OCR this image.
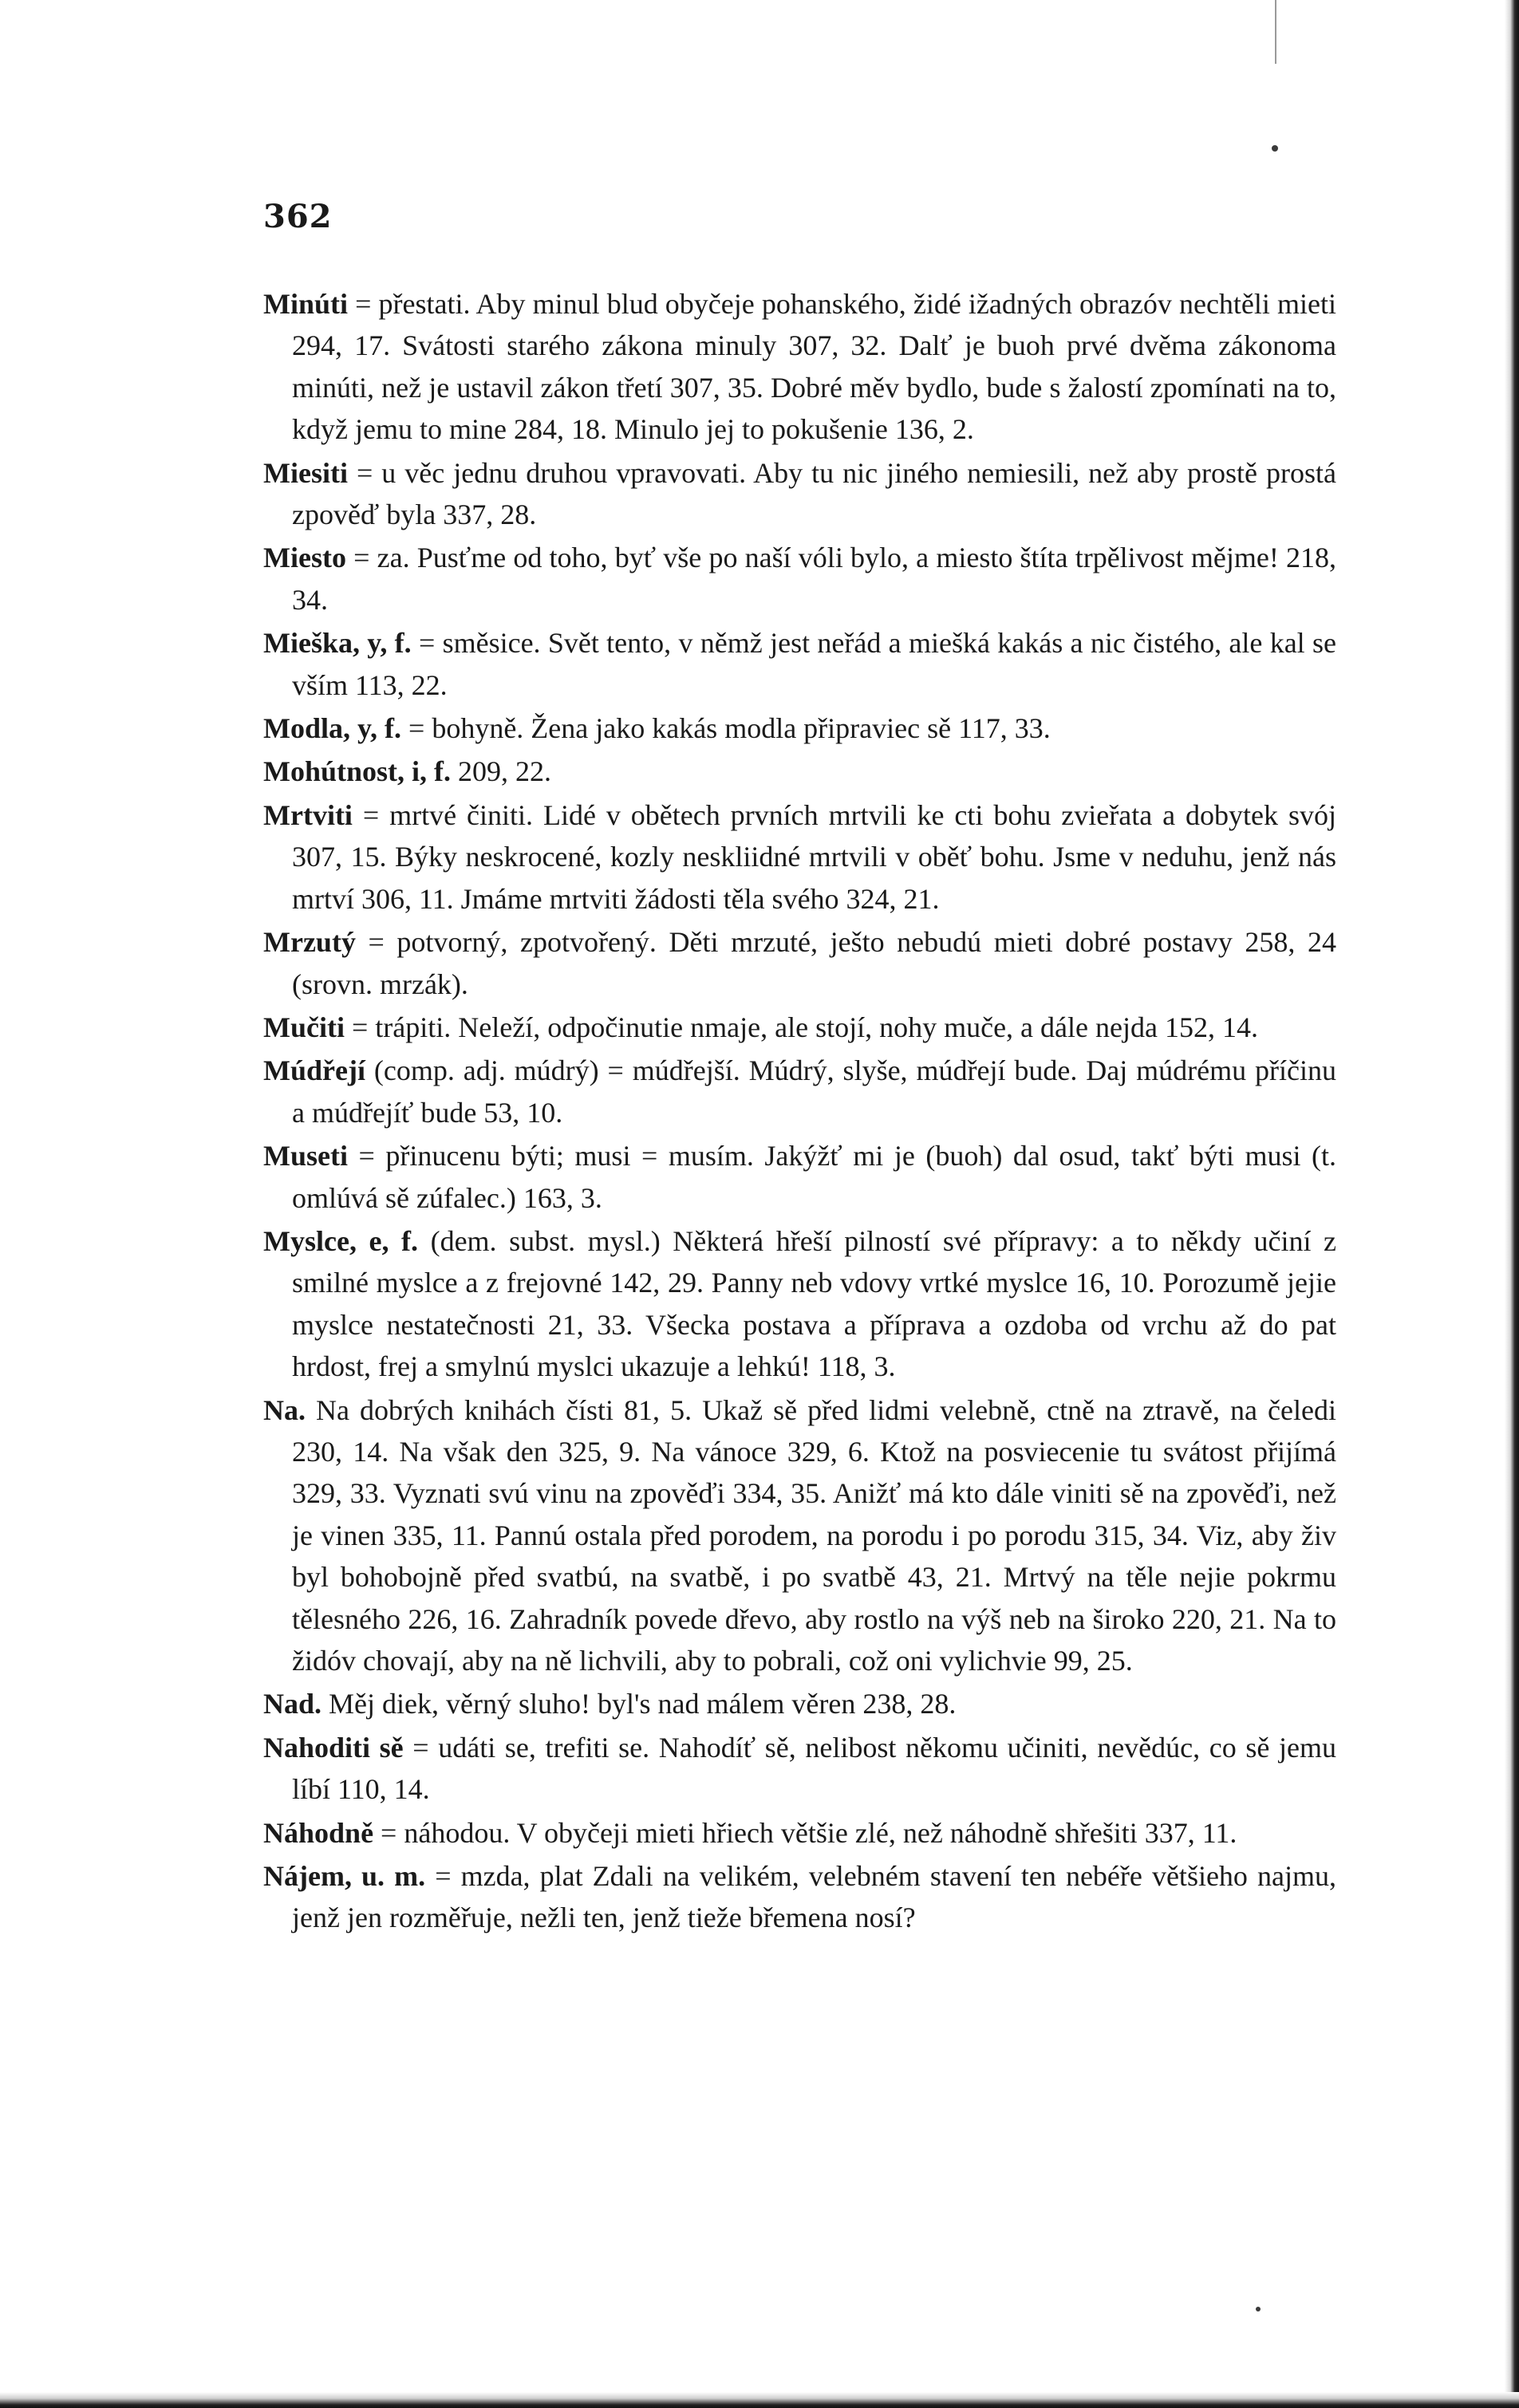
362

Minúti = přestati. Aby minul blud obyčeje pohanského, židé ižadných obrazóv nechtěli mieti 294, 17. Svátosti starého zákona minuly 307, 32. Dalť je buoh prvé dvěma zákonoma minúti, než je ustavil zákon třetí 307, 35. Dobré měv bydlo, bude s žalostí zpomínati na to, když jemu to mine 284, 18. Minulo jej to pokušenie 136, 2.

Miesiti = u věc jednu druhou vpravovati. Aby tu nic jiného nemiesili, než aby prostě prostá zpověď byla 337, 28.

Miesto = za. Pusťme od toho, byť vše po naší vóli bylo, a miesto štíta trpělivost mějme! 218, 34.

Mieška, y, f. = směsice. Svět tento, v němž jest neřád a miešká kakás a nic čistého, ale kal se vším 113, 22.

Modla, y, f. = bohyně. Žena jako kakás modla připraviec sě 117, 33.

Mohútnost, i, f. 209, 22.

Mrtviti = mrtvé činiti. Lidé v obětech prvních mrtvili ke cti bohu zvieřata a dobytek svój 307, 15. Býky neskrocené, kozly neskliidné mrtvili v oběť bohu. Jsme v neduhu, jenž nás mrtví 306, 11. Jmáme mrtviti žádosti těla svého 324, 21.

Mrzutý = potvorný, zpotvořený. Děti mrzuté, ješto nebudú mieti dobré postavy 258, 24 (srovn. mrzák).

Mučiti = trápiti. Neleží, odpočinutie nmaje, ale stojí, nohy muče, a dále nejda 152, 14.

Múdřejí (comp. adj. múdrý) = múdřejší. Múdrý, slyše, múdřejí bude. Daj múdrému příčinu a múdřejíť bude 53, 10.

Museti = přinucenu býti; musi = musím. Jakýžť mi je (buoh) dal osud, takť býti musi (t. omlúvá sě zúfalec.) 163, 3.

Myslce, e, f. (dem. subst. mysl.) Některá hřeší pilností své přípravy: a to někdy učiní z smilné myslce a z frejovné 142, 29. Panny neb vdovy vrtké myslce 16, 10. Porozumě jejie myslce nestatečnosti 21, 33. Všecka postava a příprava a ozdoba od vrchu až do pat hrdost, frej a smylnú myslci ukazuje a lehkú! 118, 3.

Na. Na dobrých knihách čísti 81, 5. Ukaž sě před lidmi velebně, ctně na ztravě, na čeledi 230, 14. Na však den 325, 9. Na vánoce 329, 6. Ktož na posviecenie tu svátost přijímá 329, 33. Vyznati svú vinu na zpověďi 334, 35. Anižť má kto dále viniti sě na zpověďi, než je vinen 335, 11. Pannú ostala před porodem, na porodu i po porodu 315, 34. Viz, aby živ byl bohobojně před svatbú, na svatbě, i po svatbě 43, 21. Mrtvý na těle nejie pokrmu tělesného 226, 16. Zahradník povede dřevo, aby rostlo na výš neb na široko 220, 21. Na to židóv chovají, aby na ně lichvili, aby to pobrali, což oni vylichvie 99, 25.

Nad. Měj diek, věrný sluho! byl's nad málem věren 238, 28.

Nahoditi sě = udáti se, trefiti se. Nahodíť sě, nelibost někomu učiniti, nevědúc, co sě jemu líbí 110, 14.

Náhodně = náhodou. V obyčeji mieti hřiech většie zlé, než náhodně shřešiti 337, 11.

Nájem, u. m. = mzda, plat Zdali na velikém, velebném stavení ten nebéře většieho najmu, jenž jen rozměřuje, nežli ten, jenž tieže břemena nosí?
